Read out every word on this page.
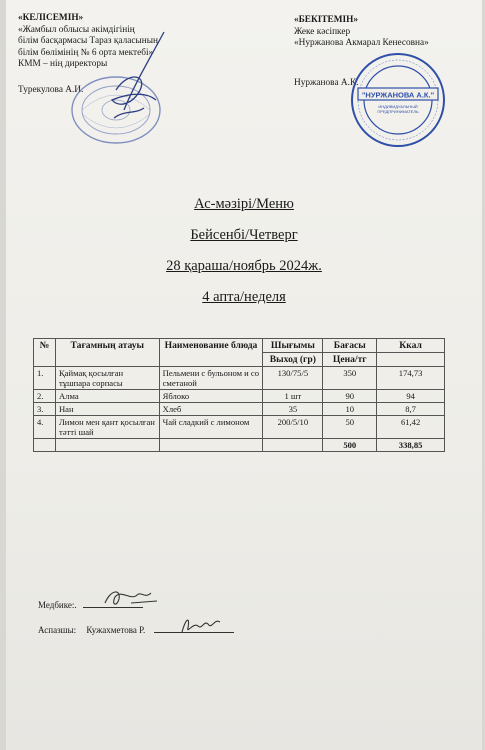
«КЕЛІСЕМІН»
«Жамбыл облысы әкімдігінің
білім басқармасы Тараз қаласының
білім бөлімінің № 6 орта мектебі»
КММ – нің директоры
Турекулова А.И.
«БЕКІТЕМІН»
Жеке кәсіпкер
«Нуржанова Акмарал Кенесовна»
Нуржанова А.К.
"НУРЖАНОВА А.К."
ИНДИВИДУАЛЬНЫЙ
ПРЕДПРИНИМАТЕЛЬ
Ас-мәзірі/Меню
Бейсенбі/Четверг
28 қараша/ноябрь 2024ж.
4 апта/неделя
№	Тағамның атауы	Наименование блюда	Шығымы	Бағасы	Ккал
			Выход (гр)	Цена/тг	
1.	Қаймақ қосылған тұшпара сорпасы	Пельмени с бульоном и со сметаной	130/75/5	350	174,73
2.	Алма	Яблоко	1 шт	90	94
3.	Нан	Хлеб	35	10	8,7
4.	Лимон мен қант қосылған тәтті шай	Чай сладкий с лимоном	200/5/10	50	61,42
				500	338,85
Медбике:.
Аспазшы: Кужахметова Р.
